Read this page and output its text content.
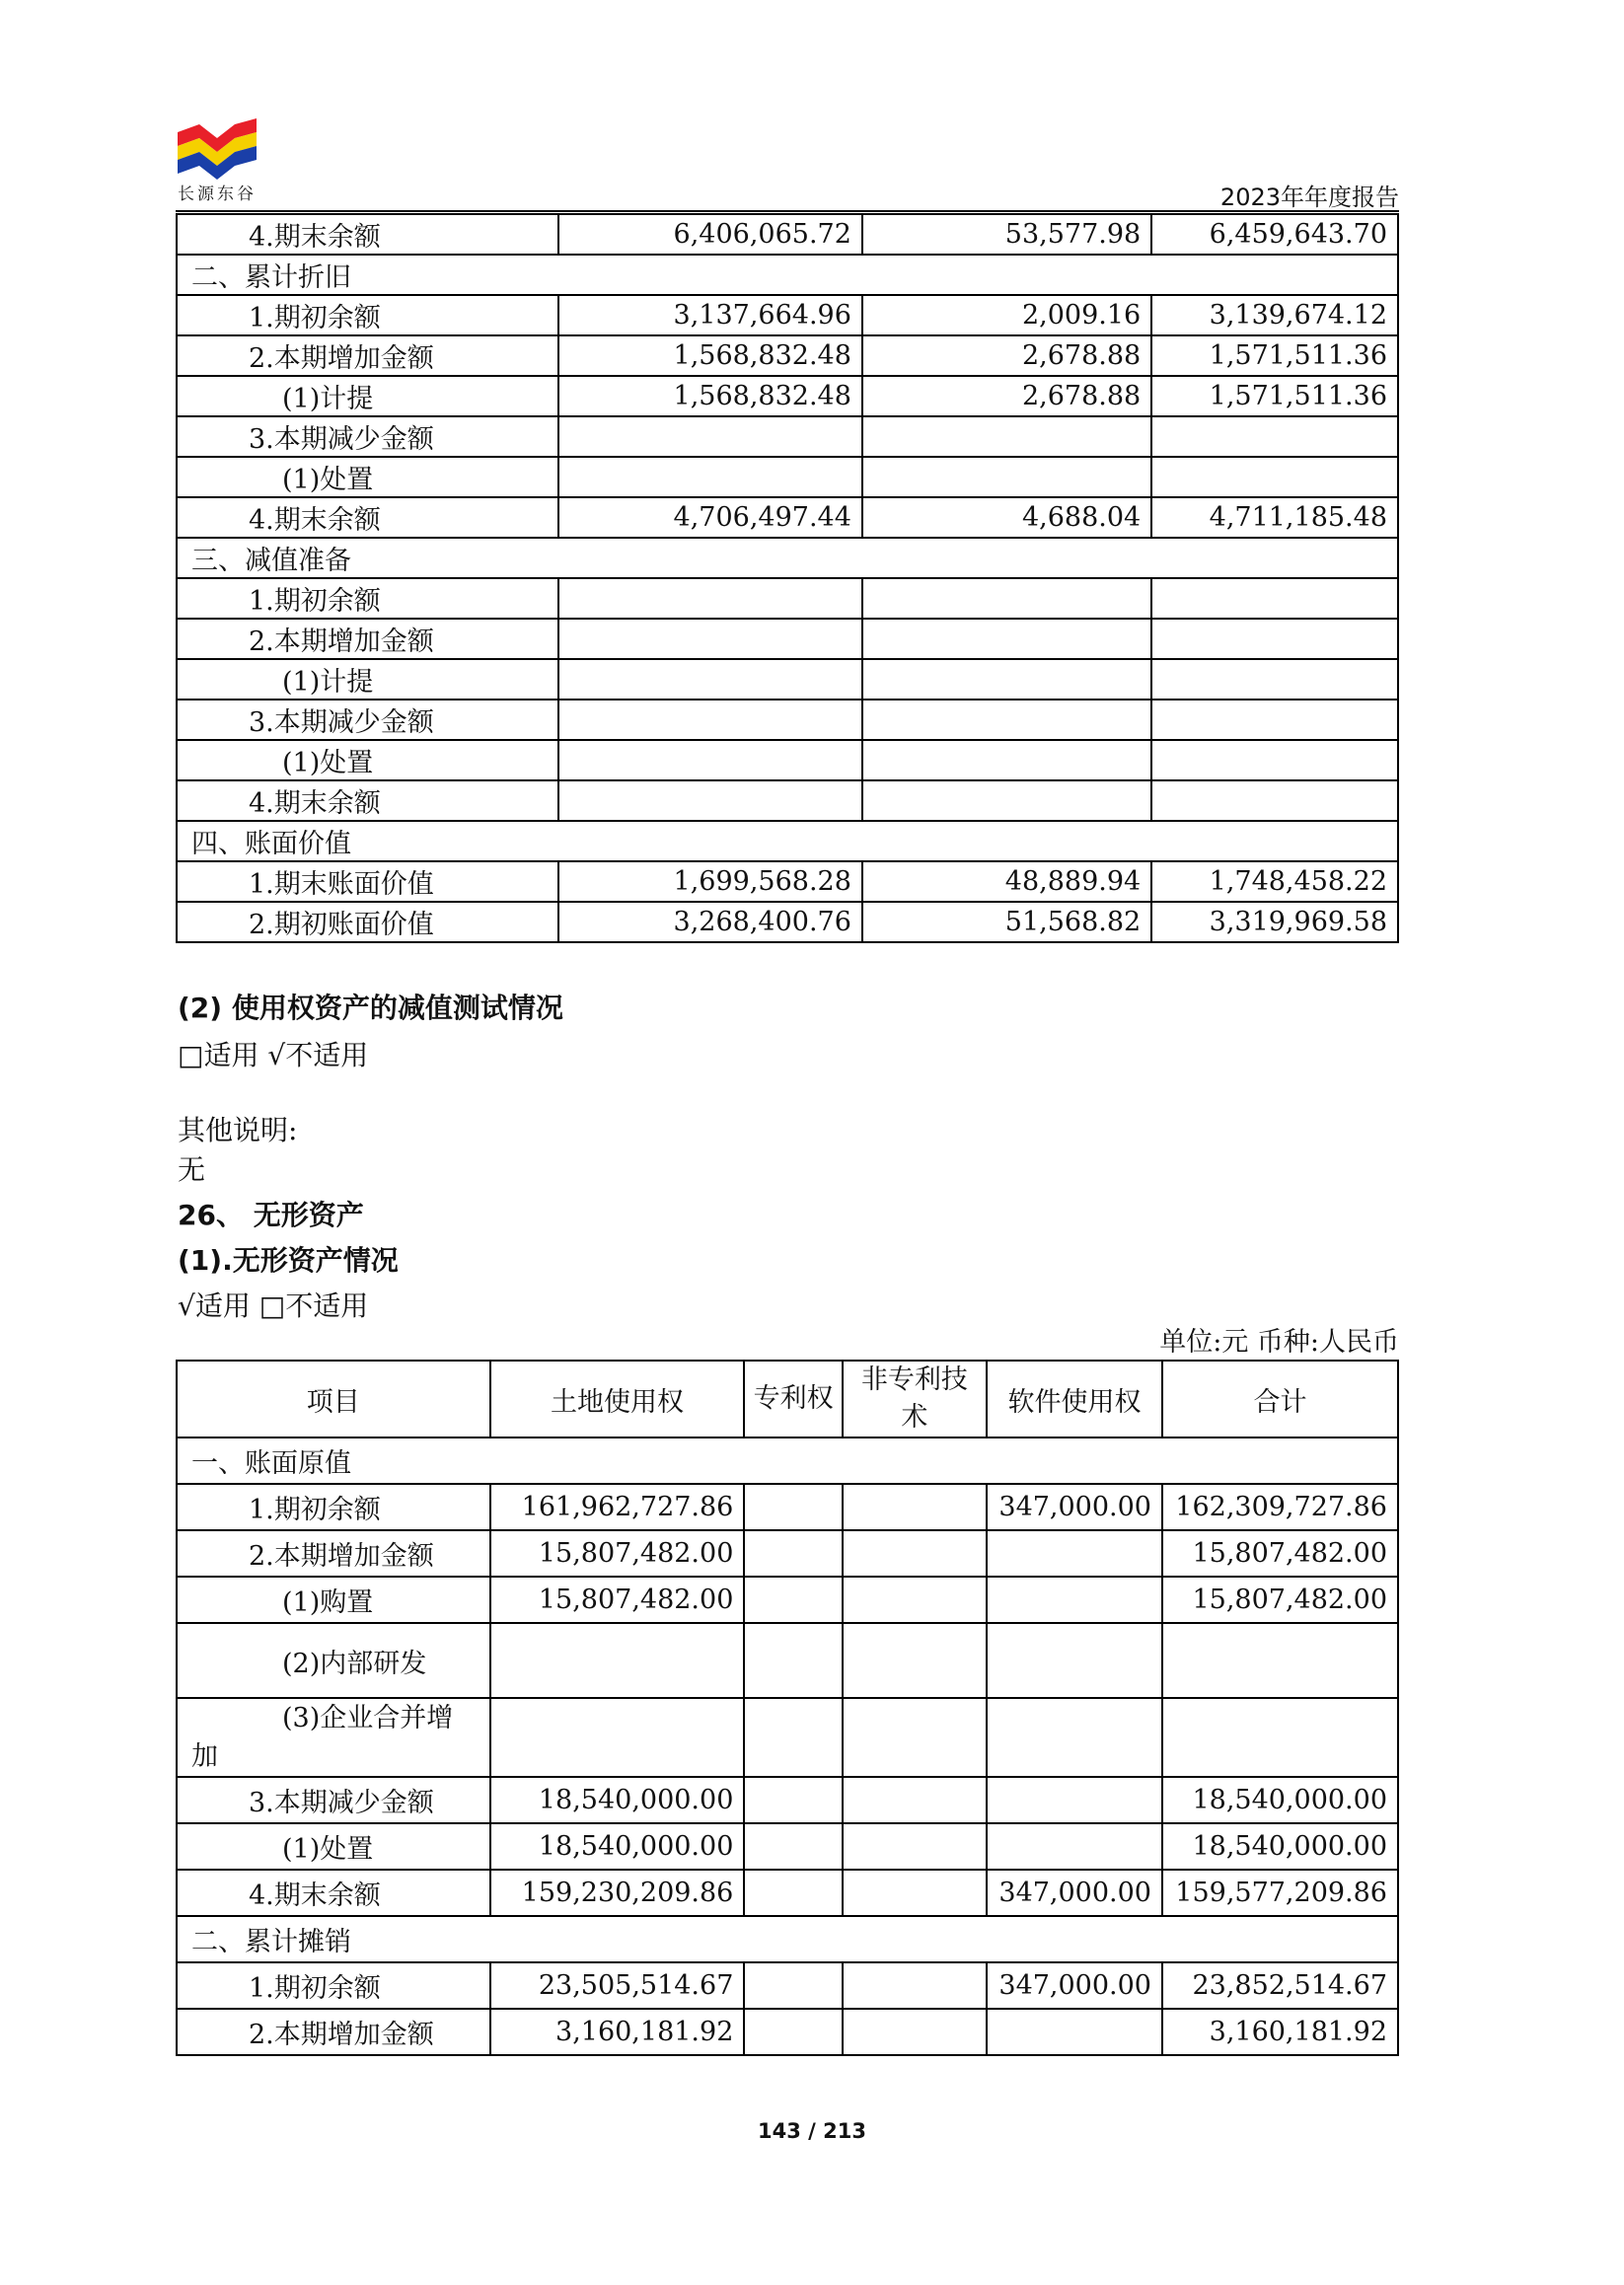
长源东谷	2023年年度报告
4.期末余额	6,406,065.72	53,577.98	6,459,643.70
二、累计折旧			
1.期初余额	3,137,664.96	2,009.16	3,139,674.12
2.本期增加金额	1,568,832.48	2,678.88	1,571,511.36
(1)计提	1,568,832.48	2,678.88	1,571,511.36
3.本期减少金额			
(1)处置			
4.期末余额	4,706,497.44	4,688.04	4,711,185.48
三、减值准备			
1.期初余额			
2.本期增加金额			
(1)计提			
3.本期减少金额			
(1)处置			
4.期末余额			
四、账面价值			
1.期末账面价值	1,699,568.28	48,889.94	1,748,458.22
2.期初账面价值	3,268,400.76	51,568.82	3,319,969.58
(2) 使用权资产的减值测试情况
□适用 √不适用
其他说明:
无
26、 无形资产
(1).无形资产情况
√适用 □不适用
单位:元 币种:人民币
项目	土地使用权	专利权	非专利技术	软件使用权	合计
一、账面原值					
1.期初余额	161,962,727.86			347,000.00	162,309,727.86
2.本期增加金额	15,807,482.00				15,807,482.00
(1)购置	15,807,482.00				15,807,482.00
(2)内部研发					
(3)企业合并增
加					
3.本期减少金额	18,540,000.00				18,540,000.00
(1)处置	18,540,000.00				18,540,000.00
4.期末余额	159,230,209.86			347,000.00	159,577,209.86
二、累计摊销					
1.期初余额	23,505,514.67			347,000.00	23,852,514.67
2.本期增加金额	3,160,181.92				3,160,181.92
143 / 213
